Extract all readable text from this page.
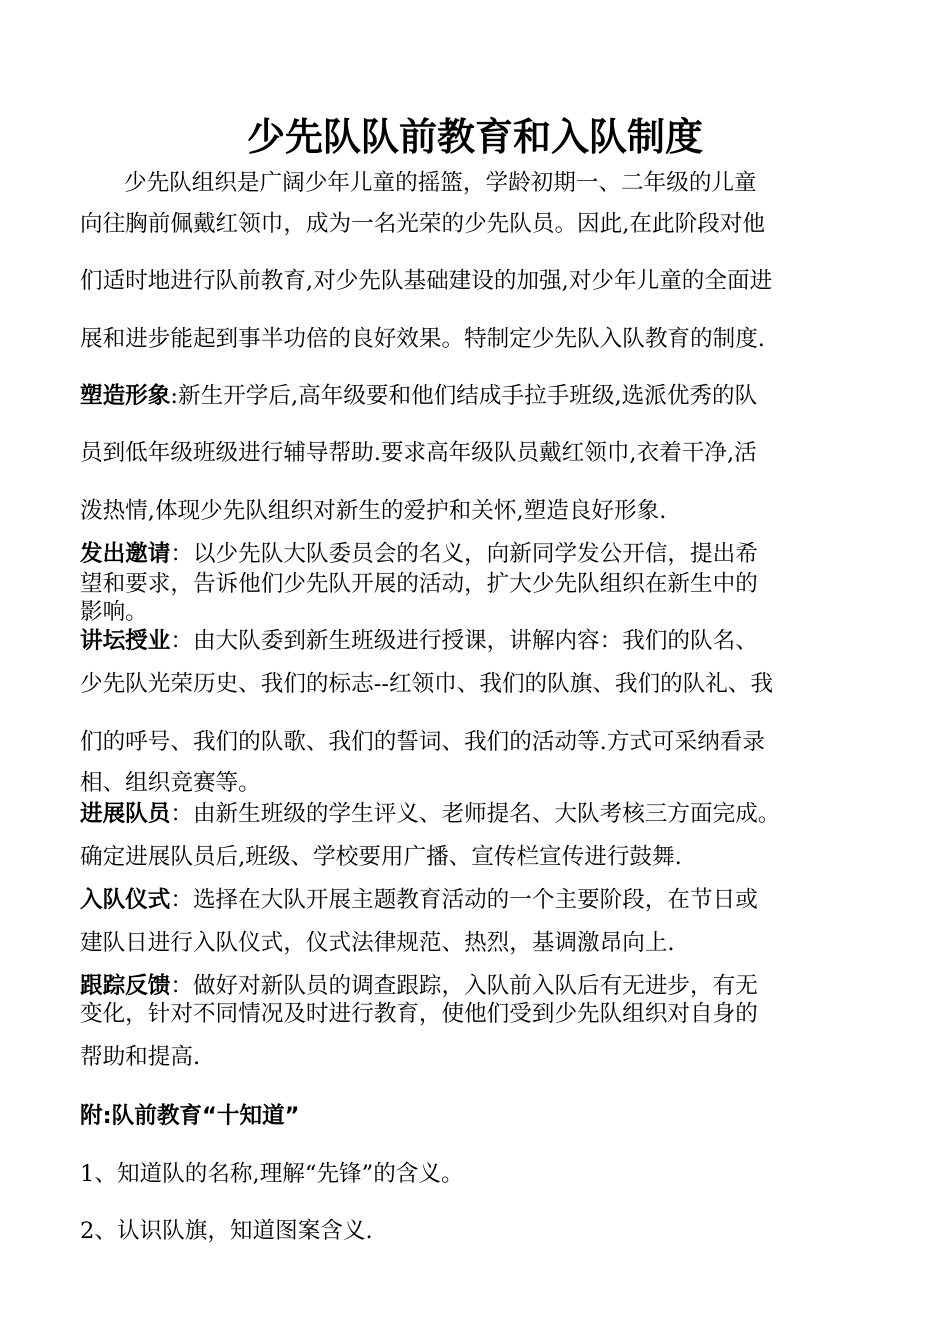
少先队队前教育和入队制度

少先队组织是广阔少年儿童的摇篮，学龄初期一、二年级的儿童

向往胸前佩戴红领巾，成为一名光荣的少先队员。因此,在此阶段对他

们适时地进行队前教育,对少先队基础建设的加强,对少年儿童的全面进

展和进步能起到事半功倍的良好效果。特制定少先队入队教育的制度.

塑造形象:新生开学后,高年级要和他们结成手拉手班级,选派优秀的队

员到低年级班级进行辅导帮助.要求高年级队员戴红领巾,衣着干净,活

泼热情,体现少先队组织对新生的爱护和关怀,塑造良好形象.

发出邀请：以少先队大队委员会的名义，向新同学发公开信，提出希

望和要求，告诉他们少先队开展的活动，扩大少先队组织在新生中的

影响。

讲坛授业：由大队委到新生班级进行授课，讲解内容：我们的队名、

少先队光荣历史、我们的标志--红领巾、我们的队旗、我们的队礼、我

们的呼号、我们的队歌、我们的誓词、我们的活动等.方式可采纳看录

相、组织竞赛等。

进展队员：由新生班级的学生评义、老师提名、大队考核三方面完成。

确定进展队员后,班级、学校要用广播、宣传栏宣传进行鼓舞.

入队仪式：选择在大队开展主题教育活动的一个主要阶段，在节日或

建队日进行入队仪式，仪式法律规范、热烈，基调激昂向上.

跟踪反馈：做好对新队员的调查跟踪，入队前入队后有无进步，有无

变化，针对不同情况及时进行教育，使他们受到少先队组织对自身的

帮助和提高.

附:队前教育“十知道”

1、知道队的名称,理解“先锋”的含义。

2、认识队旗，知道图案含义.
